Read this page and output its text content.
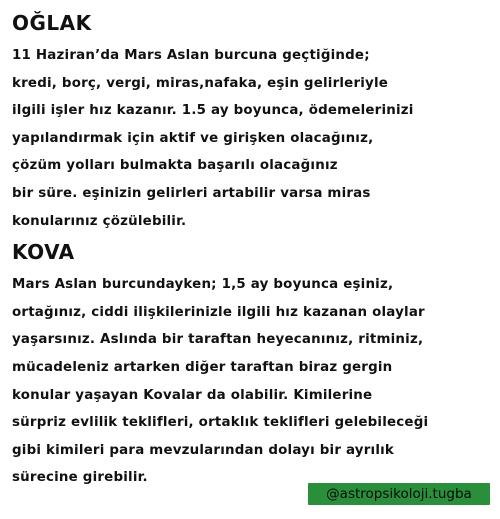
OĞLAK
11 Haziran’da Mars Aslan burcuna geçtiğinde;
kredi, borç, vergi, miras,nafaka, eşin gelirleriyle
ilgili işler hız kazanır. 1.5 ay boyunca, ödemelerinizi
yapılandırmak için aktif ve girişken olacağınız,
çözüm yolları bulmakta başarılı olacağınız
bir süre. eşinizin gelirleri artabilir varsa miras
konularınız çözülebilir.
KOVA
Mars Aslan burcundayken; 1,5 ay boyunca eşiniz,
ortağınız, ciddi ilişkilerinizle ilgili hız kazanan olaylar
yaşarsınız. Aslında bir taraftan heyecanınız, ritminiz,
mücadeleniz artarken diğer taraftan biraz gergin
konular yaşayan Kovalar da olabilir. Kimilerine
sürpriz evlilik teklifleri, ortaklık teklifleri gelebileceği
gibi kimileri para mevzularından dolayı bir ayrılık
sürecine girebilir.
@astropsikoloji.tugba
